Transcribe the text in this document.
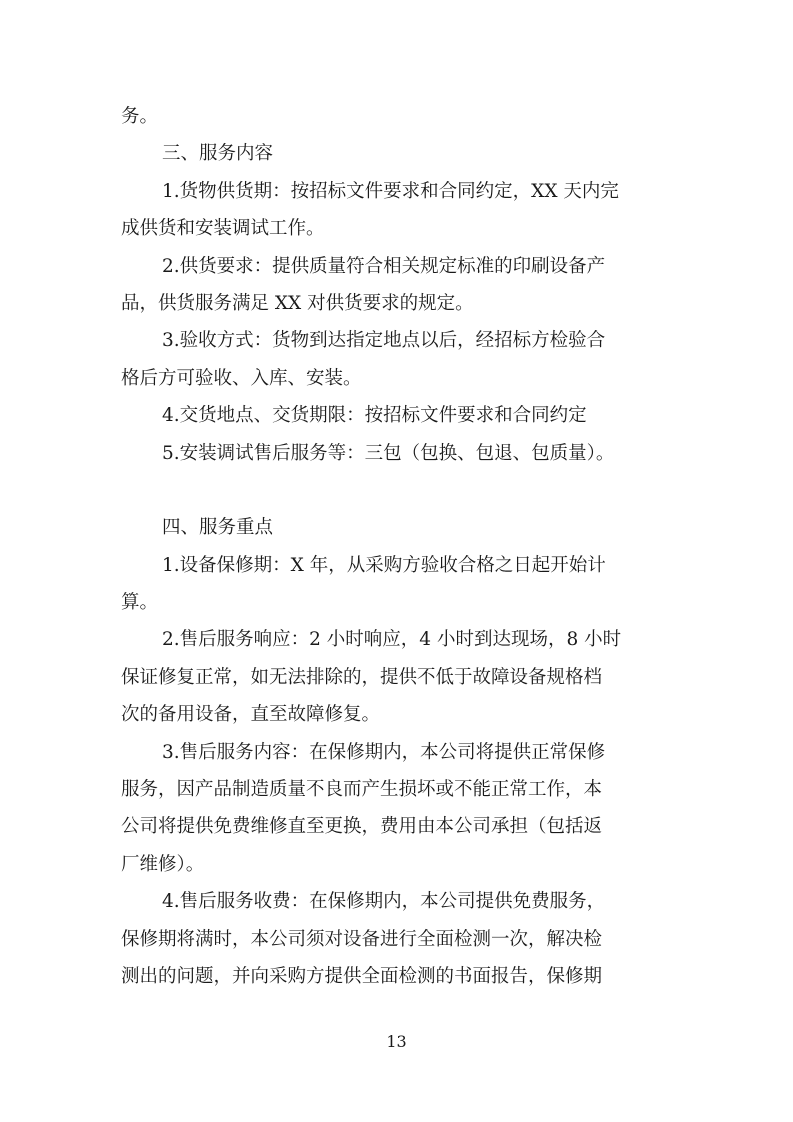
务。
三、服务内容
1.货物供货期：按招标文件要求和合同约定，XX 天内完
成供货和安装调试工作。
2.供货要求：提供质量符合相关规定标准的印刷设备产
品，供货服务满足 XX 对供货要求的规定。
3.验收方式：货物到达指定地点以后，经招标方检验合
格后方可验收、入库、安装。
4.交货地点、交货期限：按招标文件要求和合同约定
5.安装调试售后服务等：三包（包换、包退、包质量）。
四、服务重点
1.设备保修期：X 年，从采购方验收合格之日起开始计
算。
2.售后服务响应：2 小时响应，4 小时到达现场，8 小时
保证修复正常，如无法排除的，提供不低于故障设备规格档
次的备用设备，直至故障修复。
3.售后服务内容：在保修期内，本公司将提供正常保修
服务，因产品制造质量不良而产生损坏或不能正常工作，本
公司将提供免费维修直至更换，费用由本公司承担（包括返
厂维修）。
4.售后服务收费：在保修期内，本公司提供免费服务，
保修期将满时，本公司须对设备进行全面检测一次，解决检
测出的问题，并向采购方提供全面检测的书面报告，保修期
13
